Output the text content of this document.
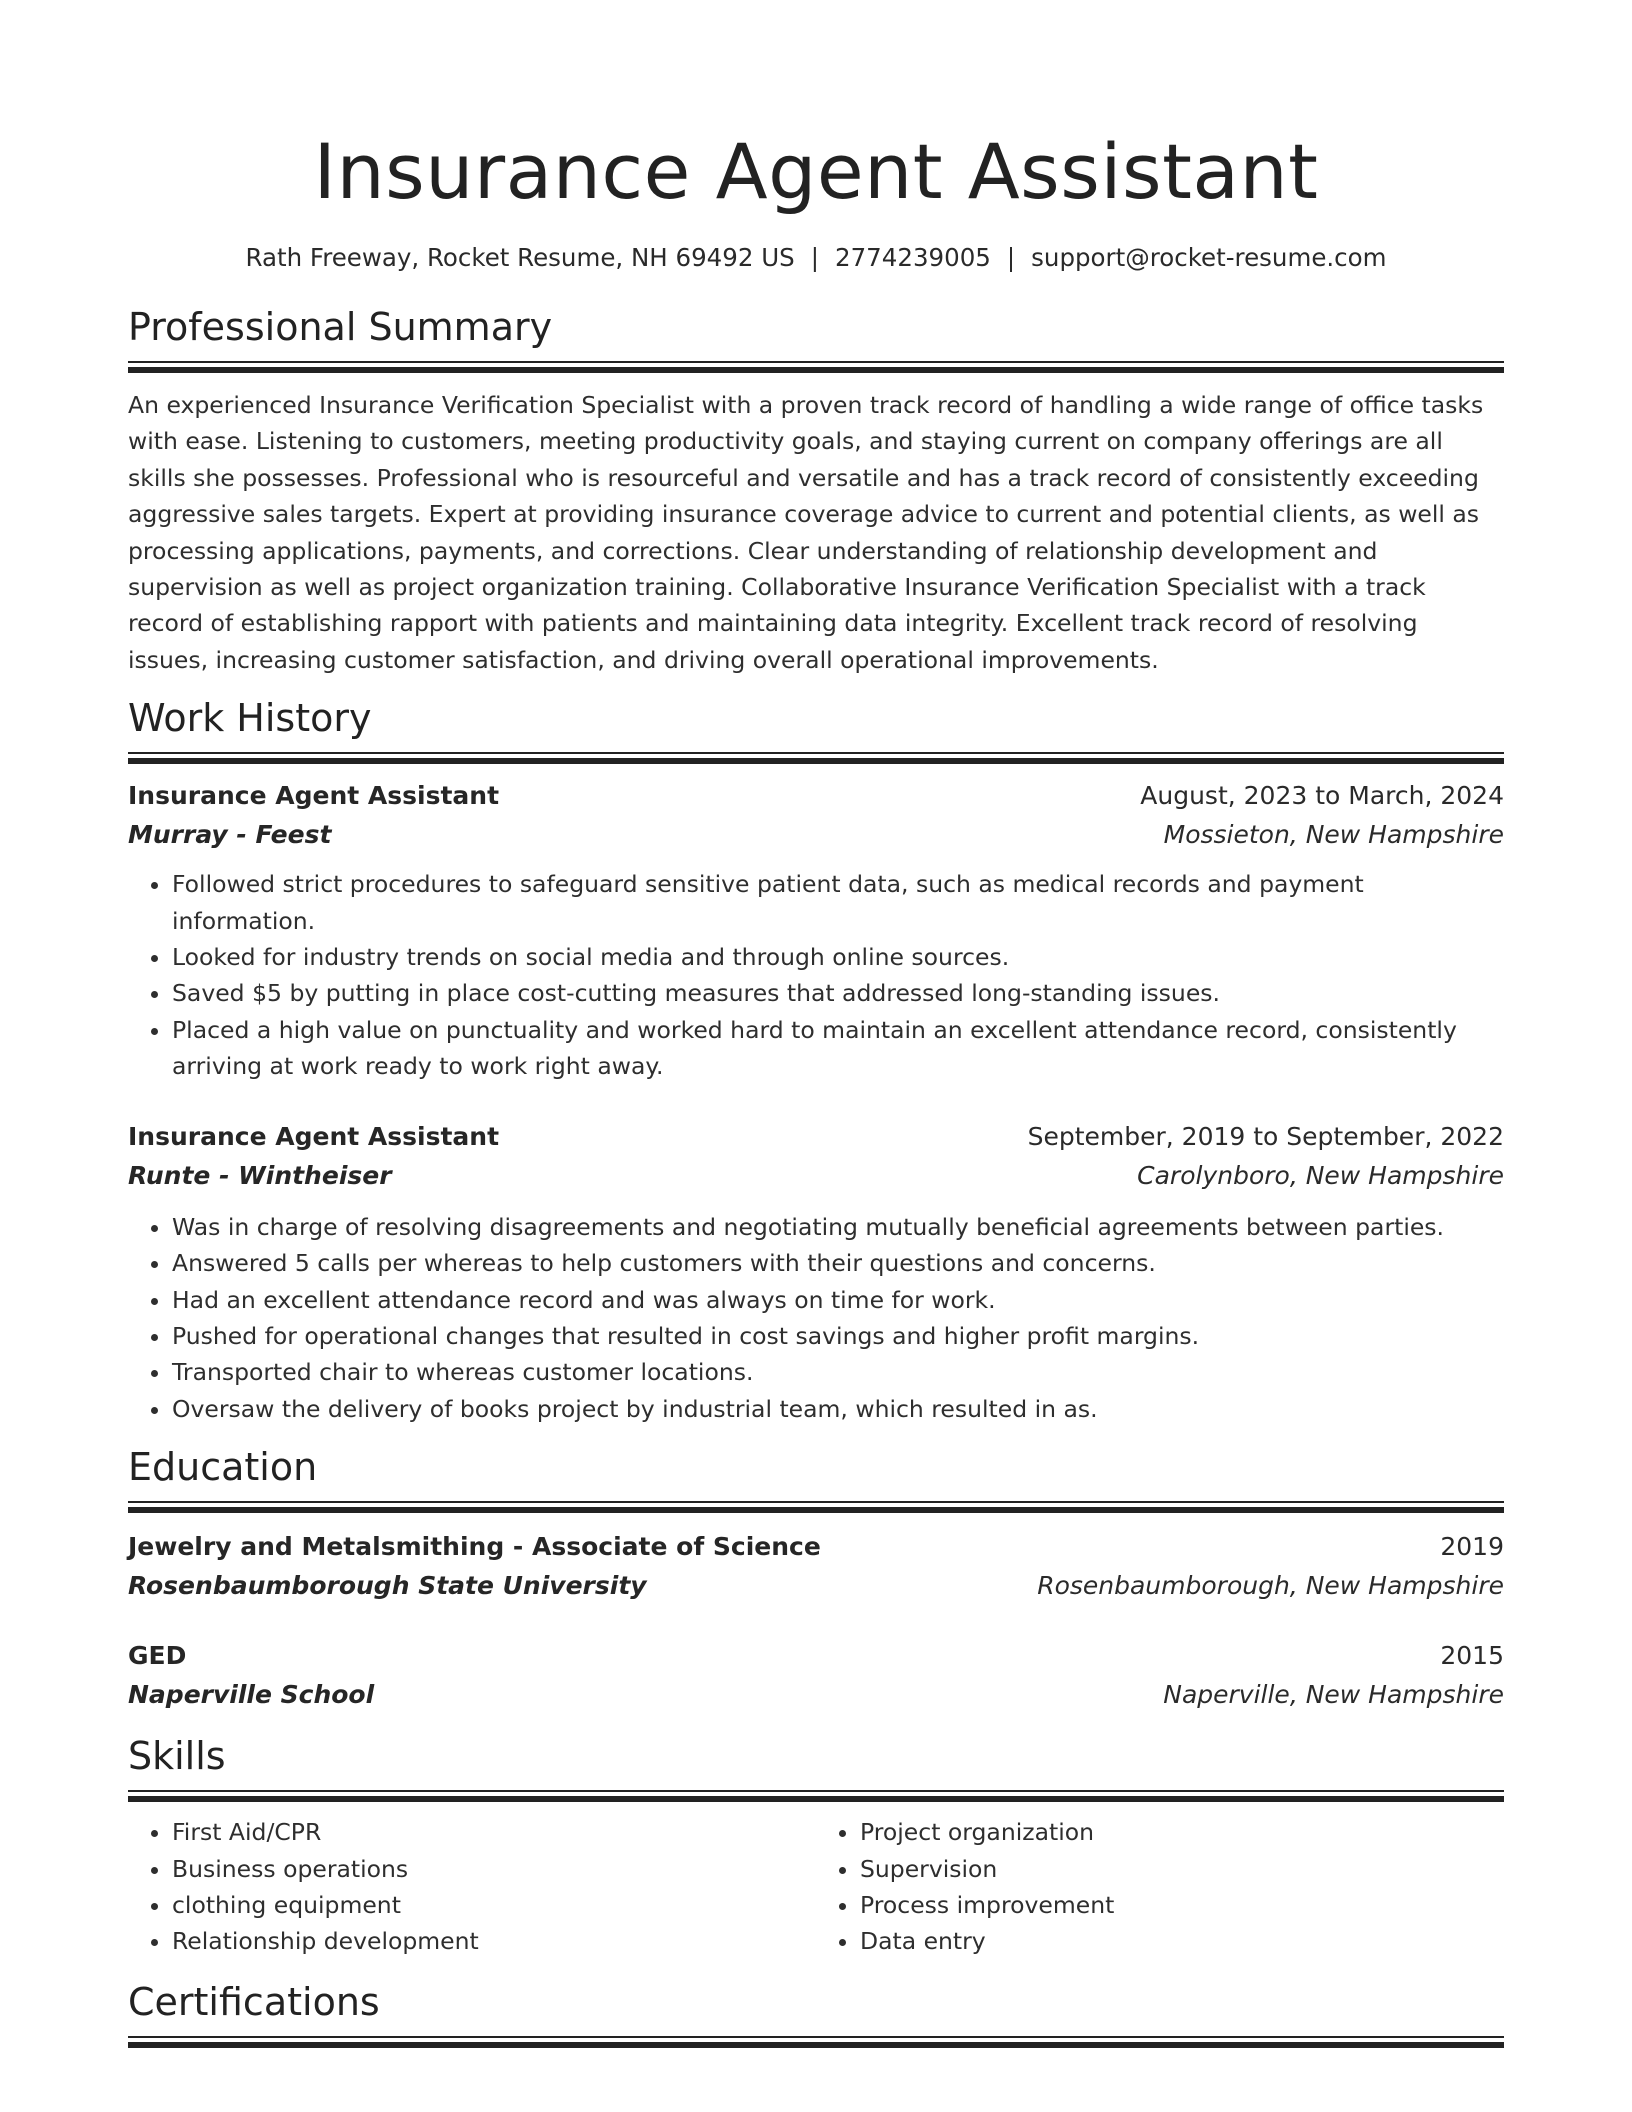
Insurance Agent Assistant
Rath Freeway, Rocket Resume, NH 69492 US | 2774239005 | support@rocket-resume.com
Professional Summary

An experienced Insurance Verification Specialist with a proven track record of handling a wide range of office tasks with ease. Listening to customers, meeting productivity goals, and staying current on company offerings are all skills she possesses. Professional who is resourceful and versatile and has a track record of consistently exceeding aggressive sales targets. Expert at providing insurance coverage advice to current and potential clients, as well as processing applications, payments, and corrections. Clear understanding of relationship development and supervision as well as project organization training. Collaborative Insurance Verification Specialist with a track record of establishing rapport with patients and maintaining data integrity. Excellent track record of resolving issues, increasing customer satisfaction, and driving overall operational improvements.

Work History
Insurance Agent Assistant	August, 2023 to March, 2024
Murray - Feest	Mossieton, New Hampshire
• Followed strict procedures to safeguard sensitive patient data, such as medical records and payment information.
• Looked for industry trends on social media and through online sources.
• Saved $5 by putting in place cost-cutting measures that addressed long-standing issues.
• Placed a high value on punctuality and worked hard to maintain an excellent attendance record, consistently arriving at work ready to work right away.
Insurance Agent Assistant	September, 2019 to September, 2022
Runte - Wintheiser	Carolynboro, New Hampshire
• Was in charge of resolving disagreements and negotiating mutually beneficial agreements between parties.
• Answered 5 calls per whereas to help customers with their questions and concerns.
• Had an excellent attendance record and was always on time for work.
• Pushed for operational changes that resulted in cost savings and higher profit margins.
• Transported chair to whereas customer locations.
• Oversaw the delivery of books project by industrial team, which resulted in as.
Education
Jewelry and Metalsmithing - Associate of Science	2019
Rosenbaumborough State University	Rosenbaumborough, New Hampshire
GED	2015
Naperville School	Naperville, New Hampshire
Skills
• First Aid/CPR
• Business operations
• clothing equipment
• Relationship development
• Project organization
• Supervision
• Process improvement
• Data entry
Certifications
